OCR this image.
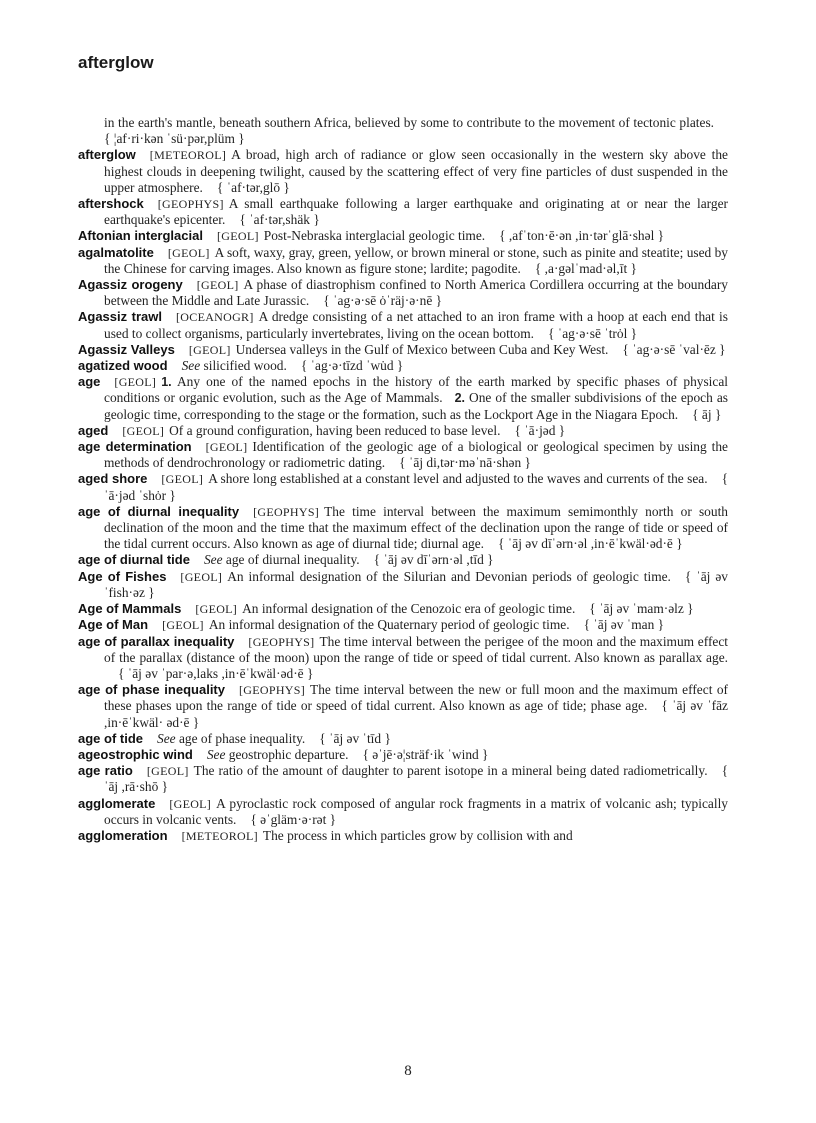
afterglow

in the earth's mantle, beneath southern Africa, believed by some to contribute to the movement of tectonic plates.{ ¦af·ri·kən ˈsü·pər,plüm }

afterglow [METEOROL] A broad, high arch of radiance or glow seen occasionally in the western sky above the highest clouds in deepening twilight, caused by the scattering effect of very fine particles of dust suspended in the upper atmosphere. { ˈaf·tər,glō }

aftershock [GEOPHYS] A small earthquake following a larger earthquake and originating at or near the larger earthquake's epicenter. { ˈaf·tər,shäk }

Aftonian interglacial [GEOL] Post-Nebraska interglacial geologic time. { ,afˈton·ē·ən ,in·tərˈglā·shəl }

agalmatolite [GEOL] A soft, waxy, gray, green, yellow, or brown mineral or stone, such as pinite and steatite; used by the Chinese for carving images. Also known as figure stone; lardite; pagodite. { ,a·gəlˈmad·əl,īt }

Agassiz orogeny [GEOL] A phase of diastrophism confined to North America Cordillera occurring at the boundary between the Middle and Late Jurassic. { ˈag·ə·sē ȯˈräj·ə·nē }

Agassiz trawl [OCEANOGR] A dredge consisting of a net attached to an iron frame with a hoop at each end that is used to collect organisms, particularly invertebrates, living on the ocean bottom. { ˈag·ə·sē ˈtrȯl }

Agassiz Valleys [GEOL] Undersea valleys in the Gulf of Mexico between Cuba and Key West. { ˈag·ə·sē ˈval·ēz }

agatized wood See silicified wood. { ˈag·ə·tīzd ˈwu̇d }

age [GEOL] 1. Any one of the named epochs in the history of the earth marked by specific phases of physical conditions or organic evolution, such as the Age of Mammals. 2. One of the smaller subdivisions of the epoch as geologic time, corresponding to the stage or the formation, such as the Lockport Age in the Niagara Epoch. { āj }

aged [GEOL] Of a ground configuration, having been reduced to base level. { ˈā·jəd }

age determination [GEOL] Identification of the geologic age of a biological or geological specimen by using the methods of dendrochronology or radiometric dating. { ˈāj di,tər·məˈnā·shən }

aged shore [GEOL] A shore long established at a constant level and adjusted to the waves and currents of the sea. { ˈā·jəd ˈshȯr }

age of diurnal inequality [GEOPHYS] The time interval between the maximum semimonthly north or south declination of the moon and the time that the maximum effect of the declination upon the range of tide or speed of the tidal current occurs. Also known as age of diurnal tide; diurnal age. { ˈāj əv dīˈərn·əl ,in·ēˈkwäl·əd·ē }

age of diurnal tide See age of diurnal inequality. { ˈāj əv dīˈərn·əl ,tīd }

Age of Fishes [GEOL] An informal designation of the Silurian and Devonian periods of geologic time. { ˈāj əv ˈfish·əz }

Age of Mammals [GEOL] An informal designation of the Cenozoic era of geologic time. { ˈāj əv ˈmam·əlz }

Age of Man [GEOL] An informal designation of the Quaternary period of geologic time. { ˈāj əv ˈman }

age of parallax inequality [GEOPHYS] The time interval between the perigee of the moon and the maximum effect of the parallax (distance of the moon) upon the range of tide or speed of tidal current. Also known as parallax age.{ ˈāj əv ˈpar·ə,laks ,in·ēˈkwäl·əd·ē }

age of phase inequality [GEOPHYS] The time interval between the new or full moon and the maximum effect of these phases upon the range of tide or speed of tidal current. Also known as age of tide; phase age. { ˈāj əv ˈfāz ,in·ēˈkwäl· əd·ē }

age of tide See age of phase inequality. { ˈāj əv ˈtīd }

ageostrophic wind See geostrophic departure. { əˈjē·ə¦sträf·ik ˈwind }

age ratio [GEOL] The ratio of the amount of daughter to parent isotope in a mineral being dated radiometrically. { ˈāj ,rā·shō }

agglomerate [GEOL] A pyroclastic rock composed of angular rock fragments in a matrix of volcanic ash; typically occurs in volcanic vents. { əˈgläm·ə·rət }

agglomeration [METEOROL] The process in which particles grow by collision with and

8
